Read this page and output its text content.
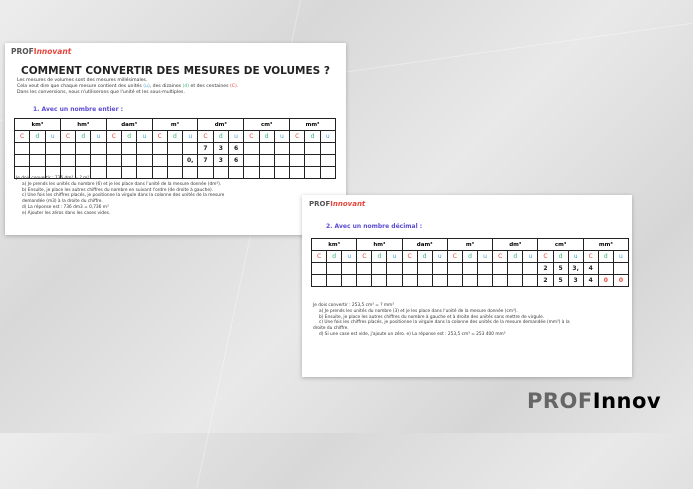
PROFInnovant
COMMENT CONVERTIR DES MESURES DE VOLUMES ?
Les mesures de volumes sont des mesures millésimales.
Cela veut dire que chaque mesure contient des unités (u), des dizaines (d) et des centaines (C).
Dans les conversions, nous n'utiliserons que l'unité et les sous-multiples.
1. Avec un nombre entier :
km³			hm³			dam³			m³			dm³			cm³			mm³		
C	d	u	C	d	u	C	d	u	C	d	u	C	d	u	C	d	u	C	d	u
												7	3	6						
											0,	7	3	6						

Je dois convertir : 736 dm³ = ? m³
a) Je prends les unités du nombre (6) et je les place dans l'unité de la mesure donnée (dm³).
b) Ensuite, je place les autres chiffres du nombre en suivant l'ordre (de droite à gauche).
c) Une fois les chiffres placés, je positionne la virgule dans la colonne des unités de la mesure
demandée (m3) à la droite du chiffre.
d) La réponse est : 736 dm3 = 0,736 m³
e) Ajouter les zéros dans les cases vides.
PROFInnovant
2. Avec un nombre décimal :
km³			hm³			dam³			m³			dm³			cm³			mm³		
C	d	u	C	d	u	C	d	u	C	d	u	C	d	u	C	d	u	C	d	u
															2	5	3,	4		
															2	5	3	4	0	0
Je dois convertir : 253,5 cm³ = ? mm³
a) Je prends les unités du nombre (3) et je les place dans l'unité de la mesure donnée (cm³).
b) Ensuite, je place les autres chiffres du nombre à gauche et à droite des unités sans mettre de virgule.
c) Une fois les chiffres placés, je positionne la virgule dans la colonne des unités de la mesure demandée (mm³) à la
droite du chiffre.
d) Si une case est vide, j'ajoute un zéro. e) La réponse est : 253,5 cm³ = 253 400 mm³
PROFInnov
